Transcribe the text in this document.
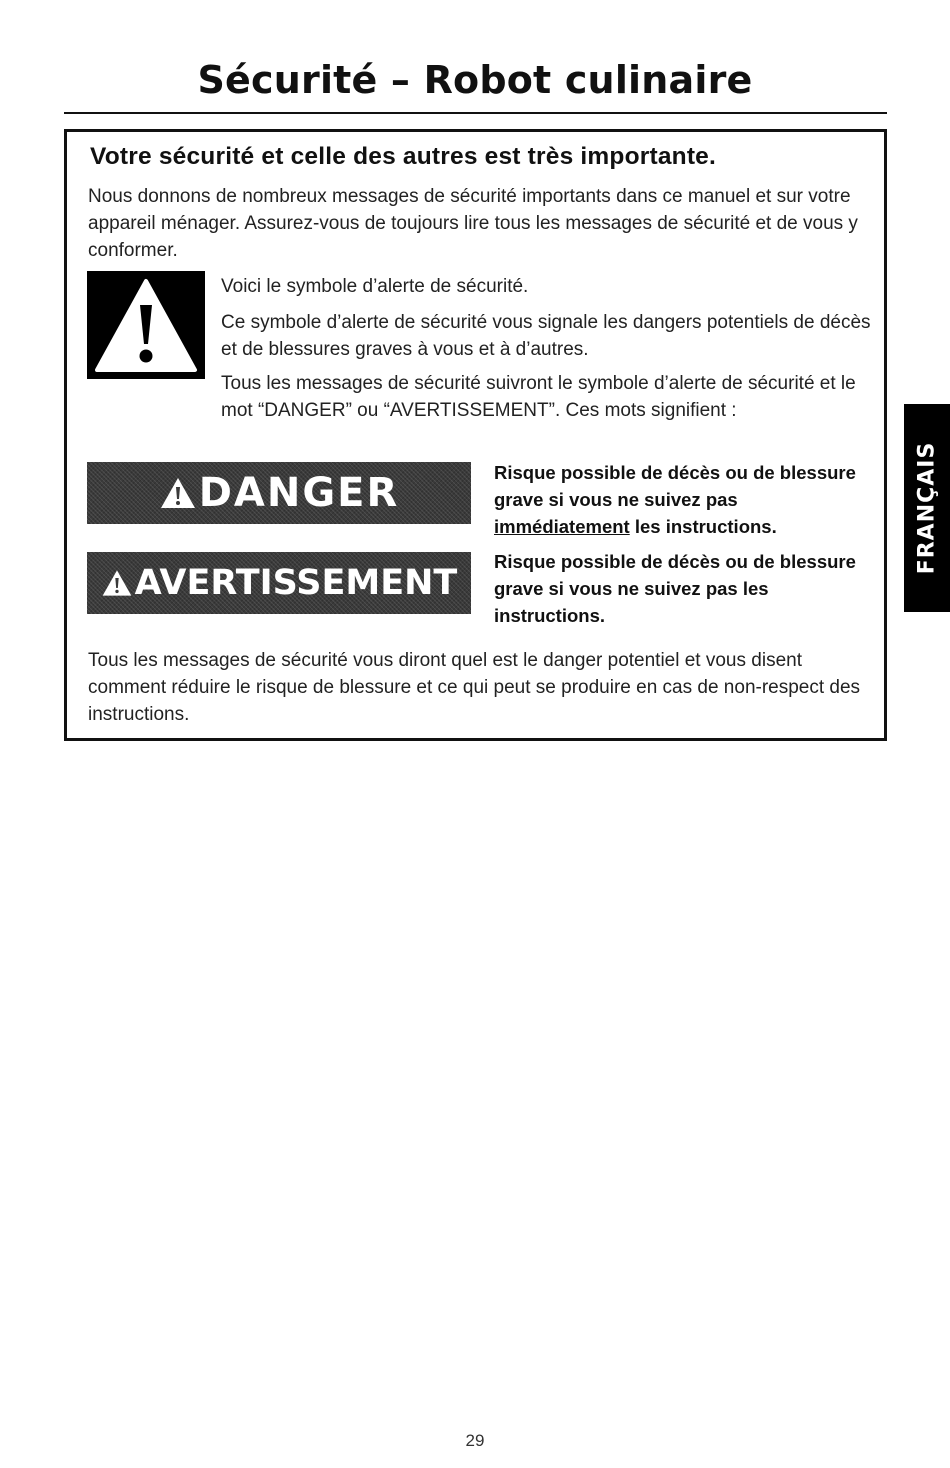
Sécurité – Robot culinaire
Votre sécurité et celle des autres est très importante.
Nous donnons de nombreux messages de sécurité importants dans ce manuel et sur votre appareil ménager. Assurez-vous de toujours lire tous les messages de sécurité et de vous y conformer.
Voici le symbole d’alerte de sécurité.
Ce symbole d’alerte de sécurité vous signale les dangers potentiels de décès et de blessures graves à vous et à d’autres.
Tous les messages de sécurité suivront le symbole d’alerte de sécurité et le mot “DANGER” ou “AVERTISSEMENT”. Ces mots signifient :
DANGER	Risque possible de décès ou de blessure grave si vous ne suivez pas immédiatement les instructions.
AVERTISSEMENT
Risque possible de décès ou de blessure grave si vous ne suivez pas les instructions.
Tous les messages de sécurité vous diront quel est le danger potentiel et vous disent comment réduire le risque de blessure et ce qui peut se produire en cas de non-respect des instructions.
FRANÇAIS
29
